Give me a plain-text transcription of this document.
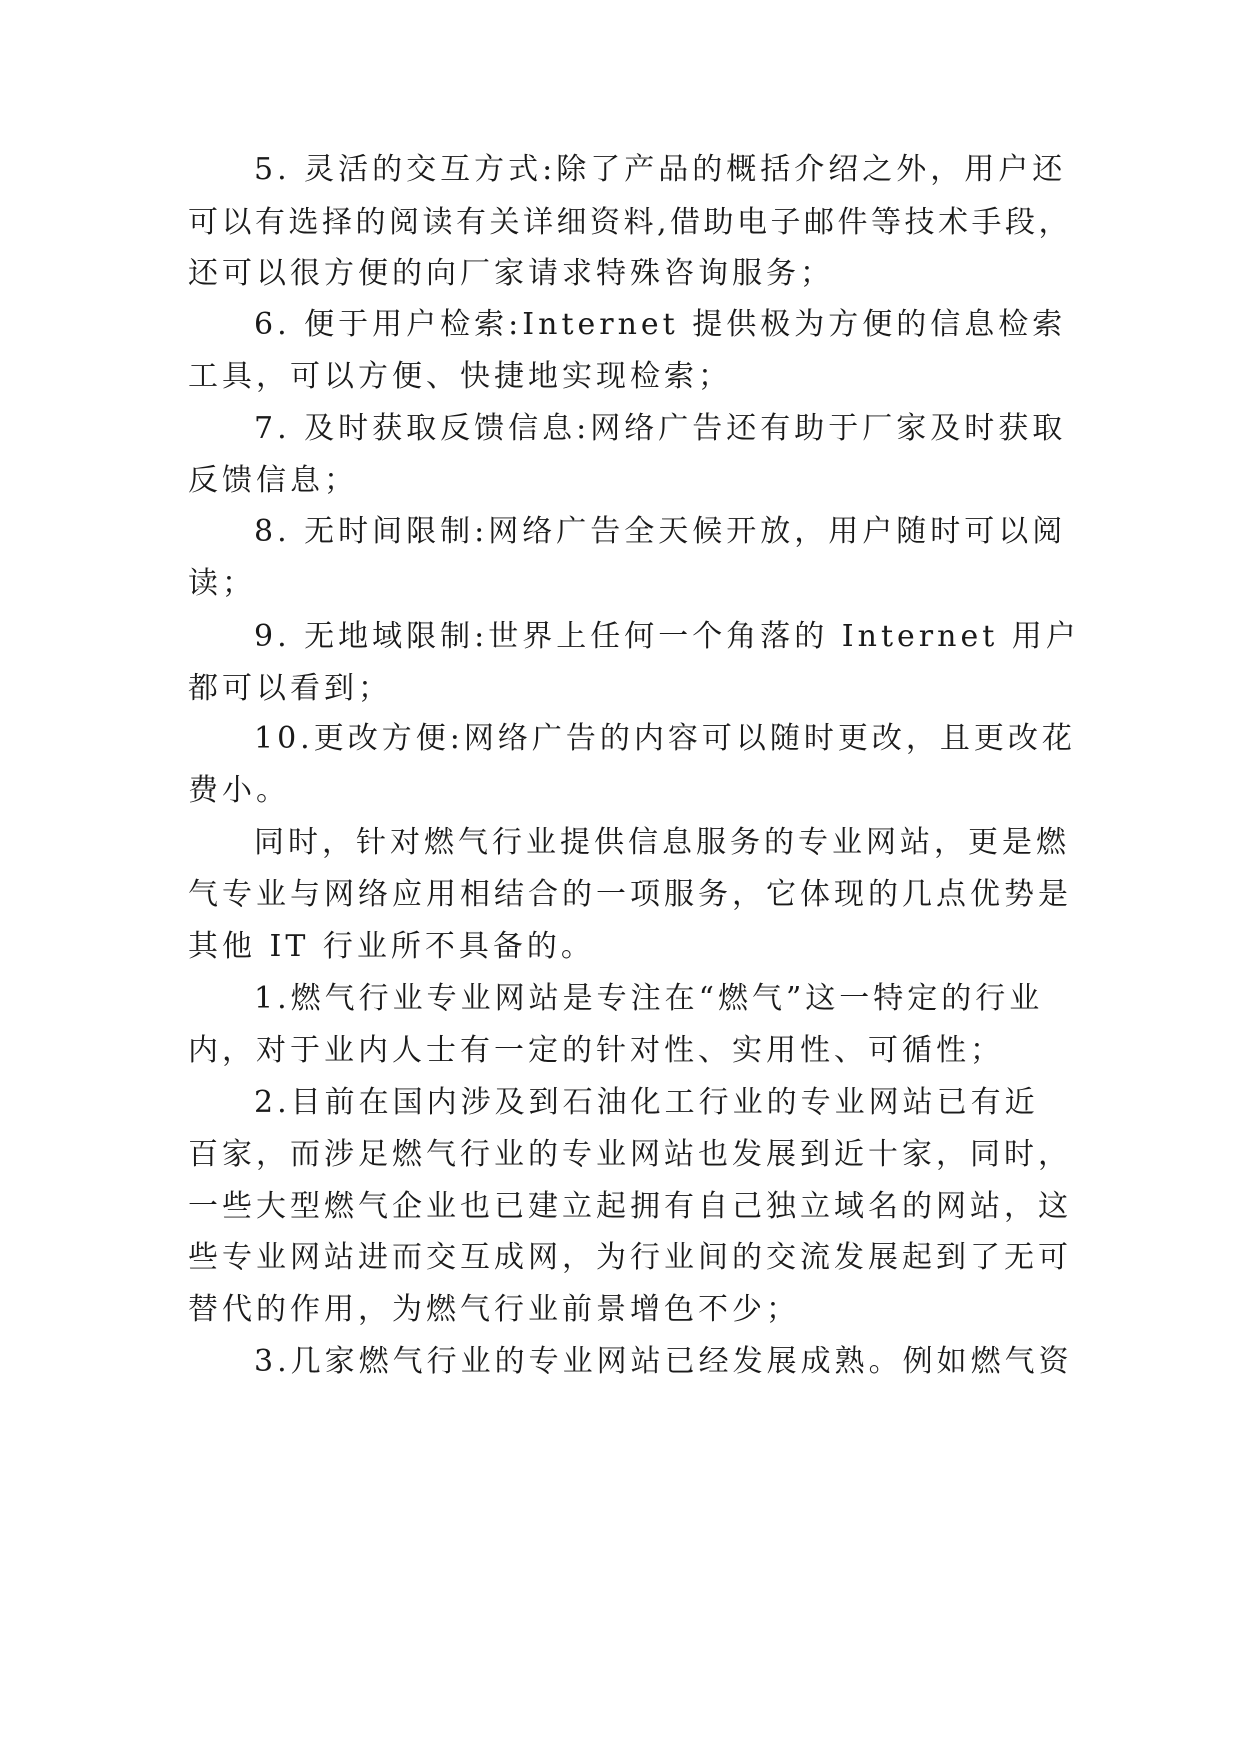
5. 灵活的交互方式:除了产品的概括介绍之外，用户还
可以有选择的阅读有关详细资料,借助电子邮件等技术手段，
还可以很方便的向厂家请求特殊咨询服务；
6. 便于用户检索:Internet 提供极为方便的信息检索
工具，可以方便、快捷地实现检索；
7. 及时获取反馈信息:网络广告还有助于厂家及时获取
反馈信息；
8. 无时间限制:网络广告全天候开放，用户随时可以阅
读；
9. 无地域限制:世界上任何一个角落的 Internet 用户
都可以看到；
10.更改方便:网络广告的内容可以随时更改，且更改花
费小。
同时，针对燃气行业提供信息服务的专业网站，更是燃
气专业与网络应用相结合的一项服务，它体现的几点优势是
其他 IT 行业所不具备的。
1.燃气行业专业网站是专注在“燃气”这一特定的行业
内，对于业内人士有一定的针对性、实用性、可循性；
2.目前在国内涉及到石油化工行业的专业网站已有近
百家，而涉足燃气行业的专业网站也发展到近十家，同时，
一些大型燃气企业也已建立起拥有自己独立域名的网站，这
些专业网站进而交互成网，为行业间的交流发展起到了无可
替代的作用，为燃气行业前景增色不少；
3.几家燃气行业的专业网站已经发展成熟。例如燃气资
